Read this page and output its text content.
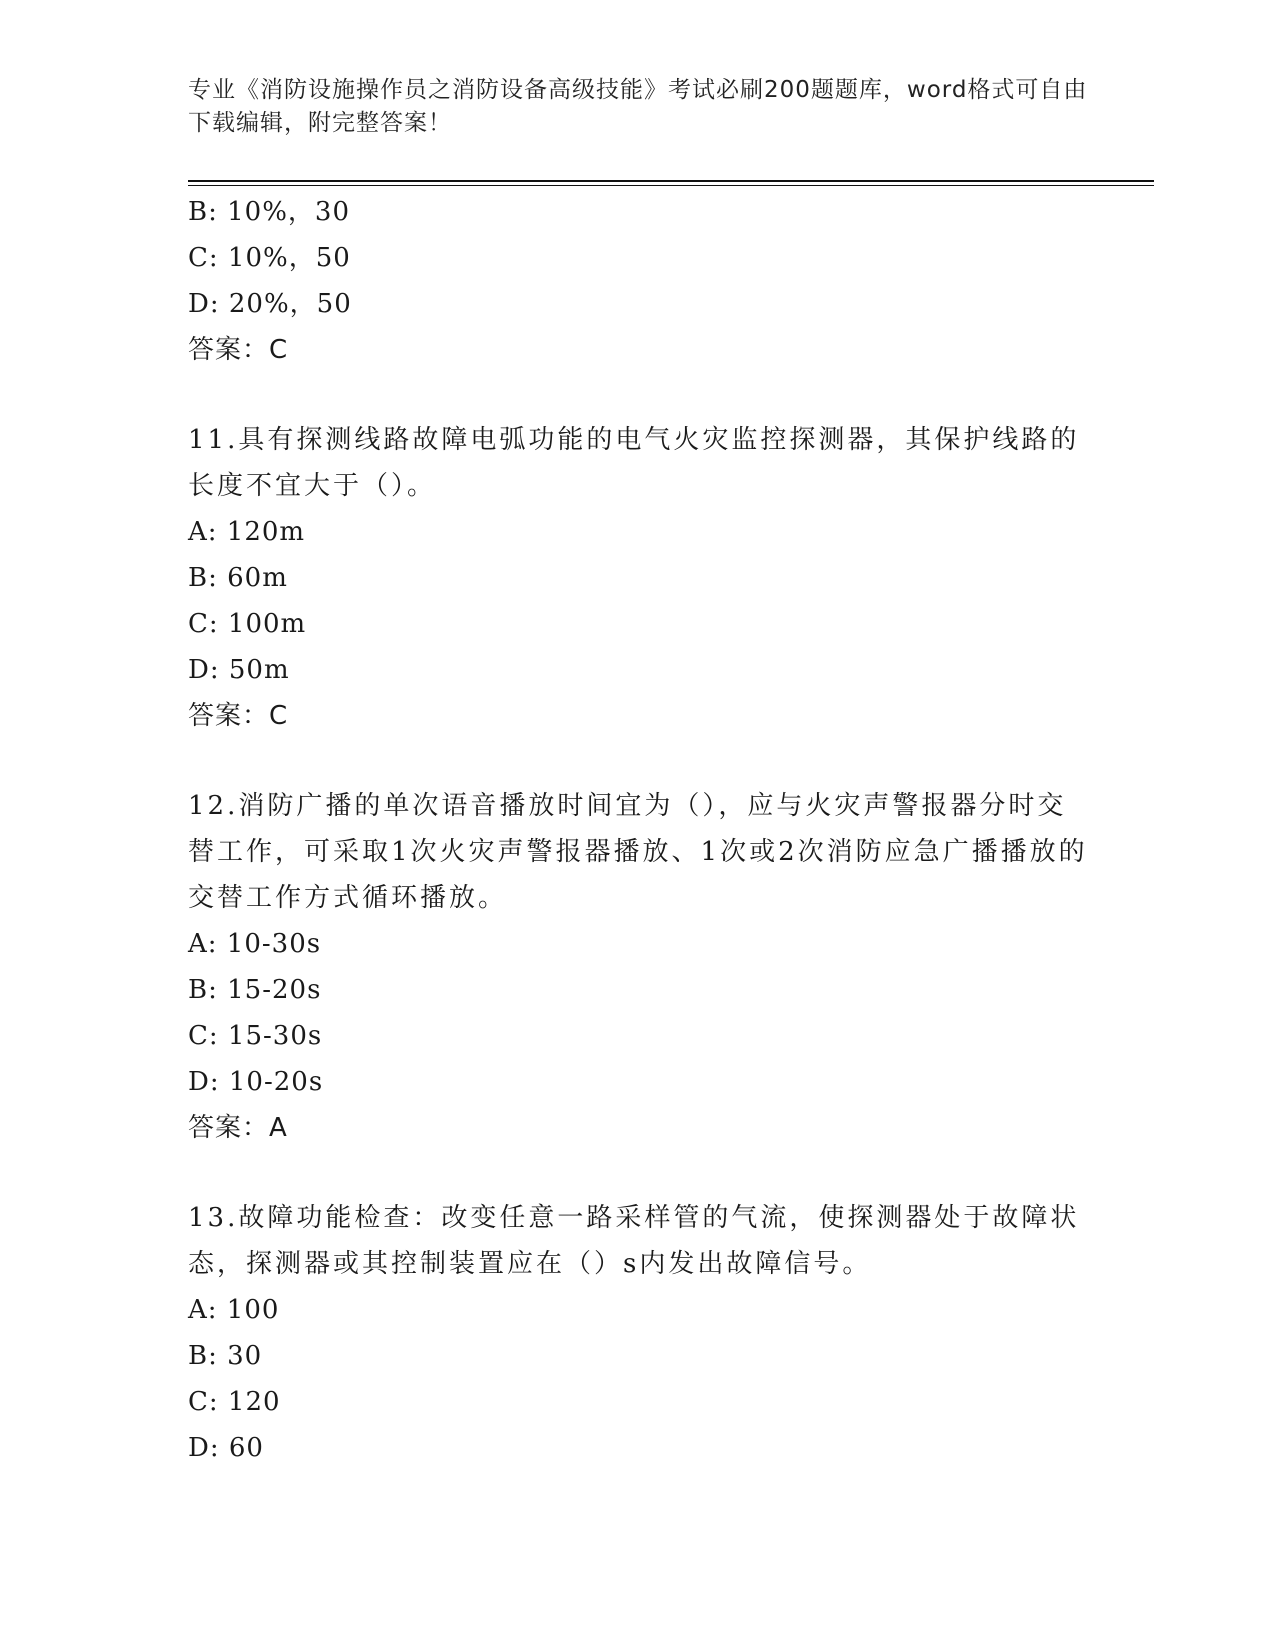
专业《消防设施操作员之消防设备高级技能》考试必刷200题题库，word格式可自由下载编辑，附完整答案！
B: 10%，30
C: 10%，50
D: 20%，50
答案：C
11.具有探测线路故障电弧功能的电气火灾监控探测器，其保护线路的长度不宜大于（）。
A: 120m
B: 60m
C: 100m
D: 50m
答案：C
12.消防广播的单次语音播放时间宜为（），应与火灾声警报器分时交替工作，可采取1次火灾声警报器播放、1次或2次消防应急广播播放的交替工作方式循环播放。
A: 10-30s
B: 15-20s
C: 15-30s
D: 10-20s
答案：A
13.故障功能检查：改变任意一路采样管的气流，使探测器处于故障状态，探测器或其控制装置应在（）s内发出故障信号。
A: 100
B: 30
C: 120
D: 60
